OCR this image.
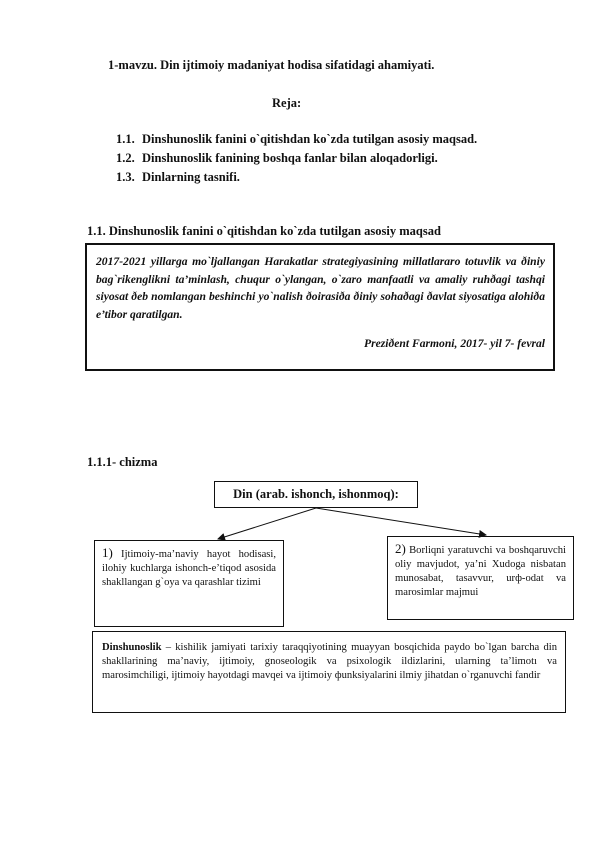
1-mavzu. Din ijtimoiy madaniyat hodisa sifatidagi ahamiyati.
Reja:
1.1. Dinshunoslik fanini o`qitishdan ko`zda tutilgan asosiy maqsad.
1.2. Dinshunoslik fanining boshqa fanlar bilan aloqadorligi.
1.3. Dinlarning tasnifi.
1.1. Dinshunoslik fanini o`qitishdan ko`zda tutilgan asosiy maqsad
2017-2021 yillarga mo`ljallangan Harakatlar strategiyasining millatlararo totuvlik va ðiniy bag`rikenglikni ta’minlash, chuqur o`ylangan, o`zaro manfaatli va amaliy ruhðagi tashqi siyosat ðeb nomlangan beshinchi yo`nalish ðoirasiða ðiniy sohaðagi ðavlat siyosatiga alohiða e’tibor qaratilgan.
Preziðent Farmoni, 2017- yil 7- fevral
1.1.1- chizma
Din (arab. ishonch, ishonmoq):
1) Ijtimoiy-ma’naviy hayot hodisasi, ilohiy kuchlarga ishonch-e’tiqod asosida shakllangan g`oya va qarashlar tizimi
2) Borliqni yaratuvchi va boshqaruvchi oliy mavjudot, ya’ni Xudoga nisbatan munosabat, tasavvur, urф-odat va marosimlar majmui
Dinshunoslik – kishilik jamiyati tarixiy taraqqiyotining muayyan bosqichida paydo bo`lgan barcha din shakllarining ma’naviy, ijtimoiy, gnoseologik va psixologik ildizlarini, ularning ta’limotı va marosimchiligi, ijtimoiy hayotdagi mavqei va ijtimoiy фunksiyalarini ilmiy jihatdan o`rganuvchi fandir
